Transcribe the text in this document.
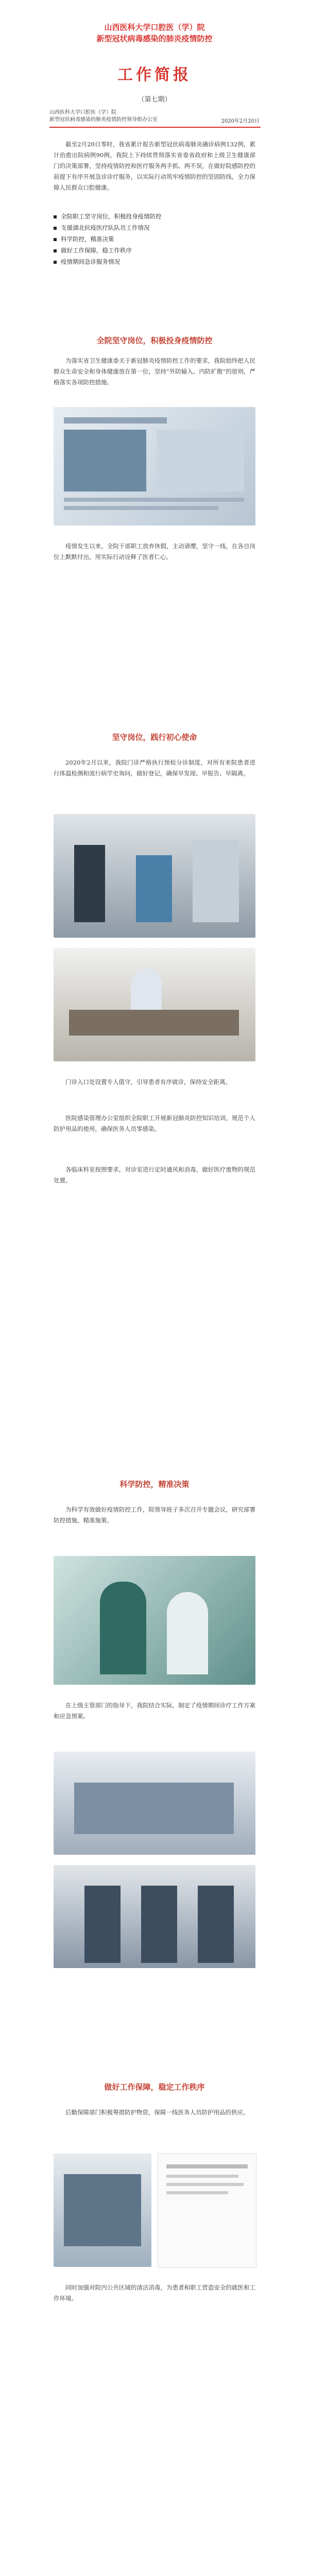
山西医科大学口腔医（学）院
新型冠状病毒感染的肺炎疫情防控
工作简报
（第七期）
山西医科大学口腔医（学）院
新型冠状病毒感染的肺炎疫情防控领导组办公室	2020年2月20日
截至2月20日零时，我省累计报告新型冠状病毒肺炎确诊病例132例，累计治愈出院病例90例。我院上下持续贯彻落实省委省政府和上级卫生健康部门的决策部署，坚持疫情防控和医疗服务两手抓、两不误，在做好院感防控的前提下有序开展急诊诊疗服务，以实际行动筑牢疫情防控的坚固防线，全力保障人民群众口腔健康。
全院职工坚守岗位，积极投身疫情防控
支援湖北抗疫医疗队队员工作情况
科学防控，精准决策
做好工作保障，稳工作秩序
疫情期间急诊服务情况
全院坚守岗位，积极投身疫情防控
为落实省卫生健康委关于新冠肺炎疫情防控工作的要求，我院始终把人民群众生命安全和身体健康放在第一位，坚持“外防输入、内防扩散”的原则，严格落实各项防控措施。
疫情发生以来，全院干部职工放弃休假，主动请缨，坚守一线，在各自岗位上默默付出，用实际行动诠释了医者仁心。
坚守岗位，践行初心使命
2020年2月以来，我院门诊严格执行预检分诊制度，对所有来院患者进行体温检测和流行病学史询问，做好登记，确保早发现、早报告、早隔离。
门诊入口处设置专人值守，引导患者有序就诊，保持安全距离。
医院感染管理办公室组织全院职工开展新冠肺炎防控知识培训，规范个人防护用品的使用，确保医务人员零感染。
各临床科室按照要求，对诊室进行定时通风和消毒，做好医疗废物的规范处置。
科学防控，精准决策
为科学有效做好疫情防控工作，院领导班子多次召开专题会议，研究部署防控措施，精准施策。
在上级主管部门的指导下，我院结合实际，制定了疫情期间诊疗工作方案和应急预案。
做好工作保障，稳定工作秩序
后勤保障部门积极筹措防护物资，保障一线医务人员防护用品的供应。
同时加强对院内公共区域的清洁消毒，为患者和职工营造安全的就医和工作环境。
